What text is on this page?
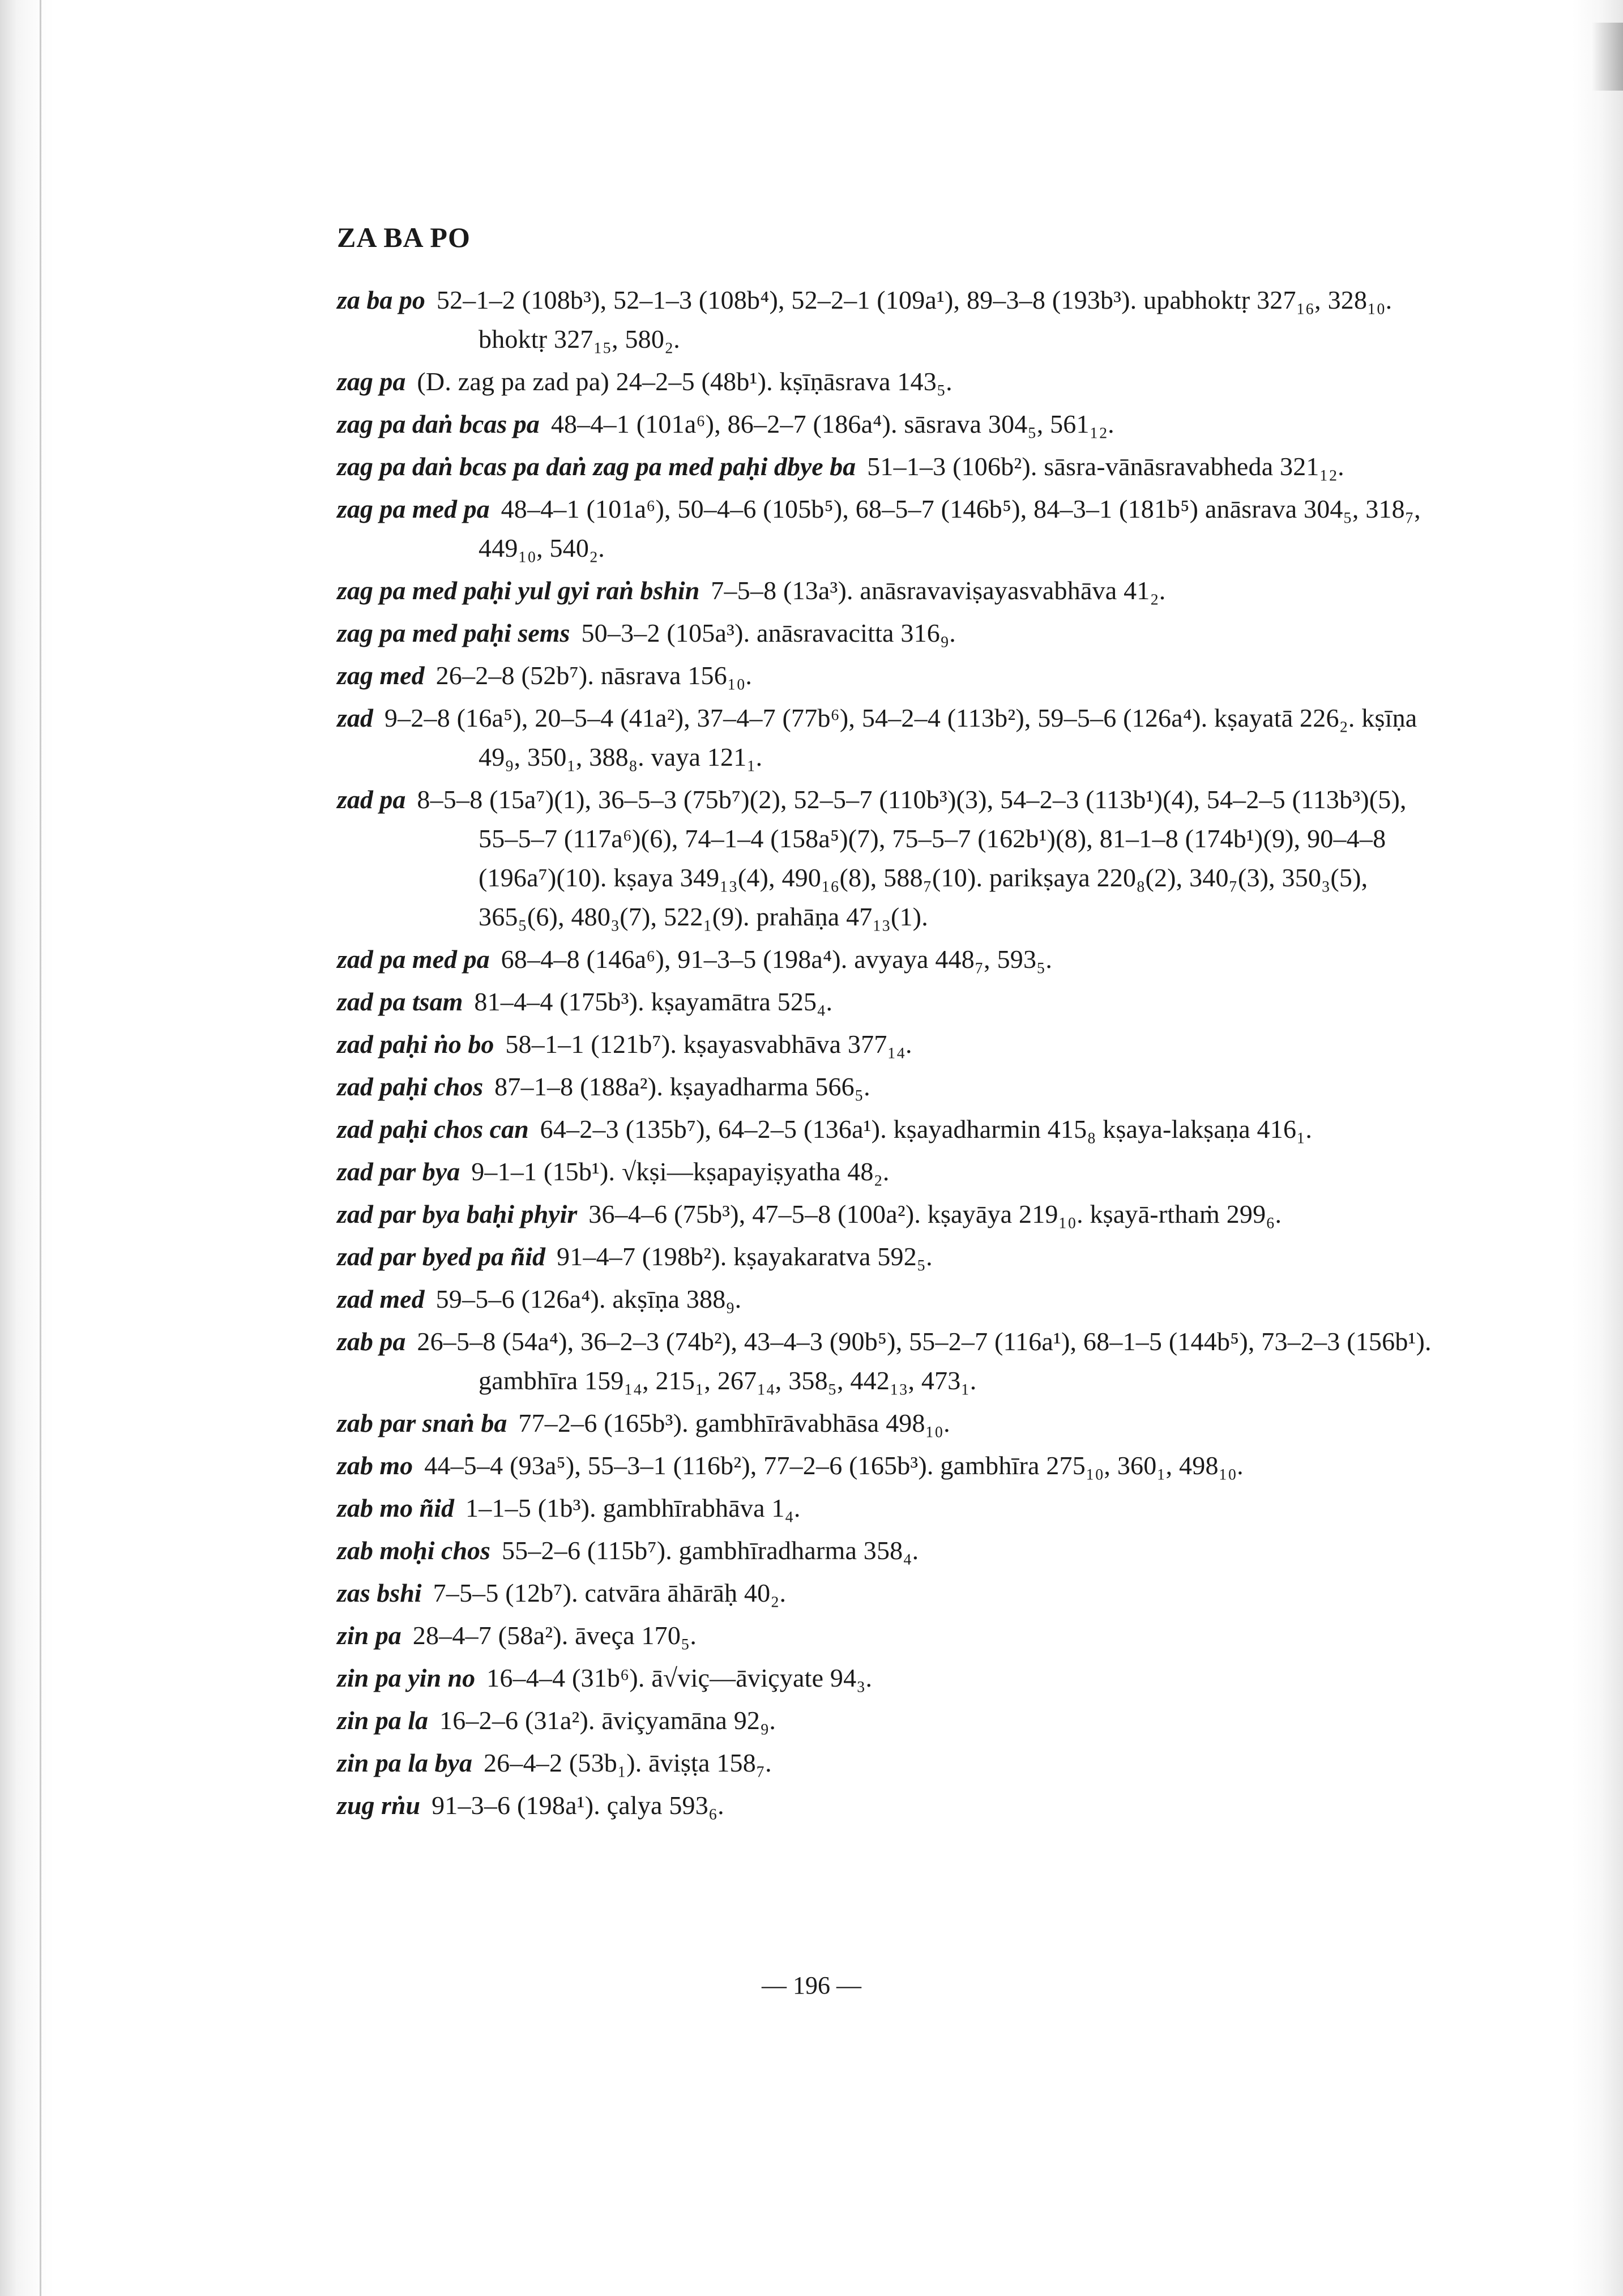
ZA BA PO

za ba po 52–1–2 (108b³), 52–1–3 (108b⁴), 52–2–1 (109a¹), 89–3–8 (193b³). upabhoktṛ 327₁₆, 328₁₀. bhoktṛ 327₁₅, 580₂.

zag pa (D. zag pa zad pa) 24–2–5 (48b¹). kṣīṇāsrava 143₅.

zag pa daṅ bcas pa 48–4–1 (101a⁶), 86–2–7 (186a⁴). sāsrava 304₅, 561₁₂.

zag pa daṅ bcas pa daṅ zag pa med paḥi dbye ba 51–1–3 (106b²). sāsra-vānāsravabheda 321₁₂.

zag pa med pa 48–4–1 (101a⁶), 50–4–6 (105b⁵), 68–5–7 (146b⁵), 84–3–1 (181b⁵) anāsrava 304₅, 318₇, 449₁₀, 540₂.

zag pa med paḥi yul gyi raṅ bshin 7–5–8 (13a³). anāsravaviṣayasvabhāva 41₂.

zag pa med paḥi sems 50–3–2 (105a³). anāsravacitta 316₉.

zag med 26–2–8 (52b⁷). nāsrava 156₁₀.

zad 9–2–8 (16a⁵), 20–5–4 (41a²), 37–4–7 (77b⁶), 54–2–4 (113b²), 59–5–6 (126a⁴). kṣayatā 226₂. kṣīṇa 49₉, 350₁, 388₈. vaya 121₁.

zad pa 8–5–8 (15a⁷)(1), 36–5–3 (75b⁷)(2), 52–5–7 (110b³)(3), 54–2–3 (113b¹)(4), 54–2–5 (113b³)(5), 55–5–7 (117a⁶)(6), 74–1–4 (158a⁵)(7), 75–5–7 (162b¹)(8), 81–1–8 (174b¹)(9), 90–4–8 (196a⁷)(10). kṣaya 349₁₃(4), 490₁₆(8), 588₇(10). parikṣaya 220₈(2), 340₇(3), 350₃(5), 365₅(6), 480₃(7), 522₁(9). prahāṇa 47₁₃(1).

zad pa med pa 68–4–8 (146a⁶), 91–3–5 (198a⁴). avyaya 448₇, 593₅.

zad pa tsam 81–4–4 (175b³). kṣayamātra 525₄.

zad paḥi ṅo bo 58–1–1 (121b⁷). kṣayasvabhāva 377₁₄.

zad paḥi chos 87–1–8 (188a²). kṣayadharma 566₅.

zad paḥi chos can 64–2–3 (135b⁷), 64–2–5 (136a¹). kṣayadharmin 415₈ kṣaya-lakṣaṇa 416₁.

zad par bya 9–1–1 (15b¹). √kṣi—kṣapayiṣyatha 48₂.

zad par bya baḥi phyir 36–4–6 (75b³), 47–5–8 (100a²). kṣayāya 219₁₀. kṣayā-rthaṁ 299₆.

zad par byed pa ñid 91–4–7 (198b²). kṣayakaratva 592₅.

zad med 59–5–6 (126a⁴). akṣīṇa 388₉.

zab pa 26–5–8 (54a⁴), 36–2–3 (74b²), 43–4–3 (90b⁵), 55–2–7 (116a¹), 68–1–5 (144b⁵), 73–2–3 (156b¹). gambhīra 159₁₄, 215₁, 267₁₄, 358₅, 442₁₃, 473₁.

zab par snaṅ ba 77–2–6 (165b³). gambhīrāvabhāsa 498₁₀.

zab mo 44–5–4 (93a⁵), 55–3–1 (116b²), 77–2–6 (165b³). gambhīra 275₁₀, 360₁, 498₁₀.

zab mo ñid 1–1–5 (1b³). gambhīrabhāva 1₄.

zab moḥi chos 55–2–6 (115b⁷). gambhīradharma 358₄.

zas bshi 7–5–5 (12b⁷). catvāra āhārāḥ 40₂.

zin pa 28–4–7 (58a²). āveça 170₅.

zin pa yin no 16–4–4 (31b⁶). ā√viç—āviçyate 94₃.

zin pa la 16–2–6 (31a²). āviçyamāna 92₉.

zin pa la bya 26–4–2 (53b₁). āviṣṭa 158₇.

zug rṅu 91–3–6 (198a¹). çalya 593₆.

— 196 —
